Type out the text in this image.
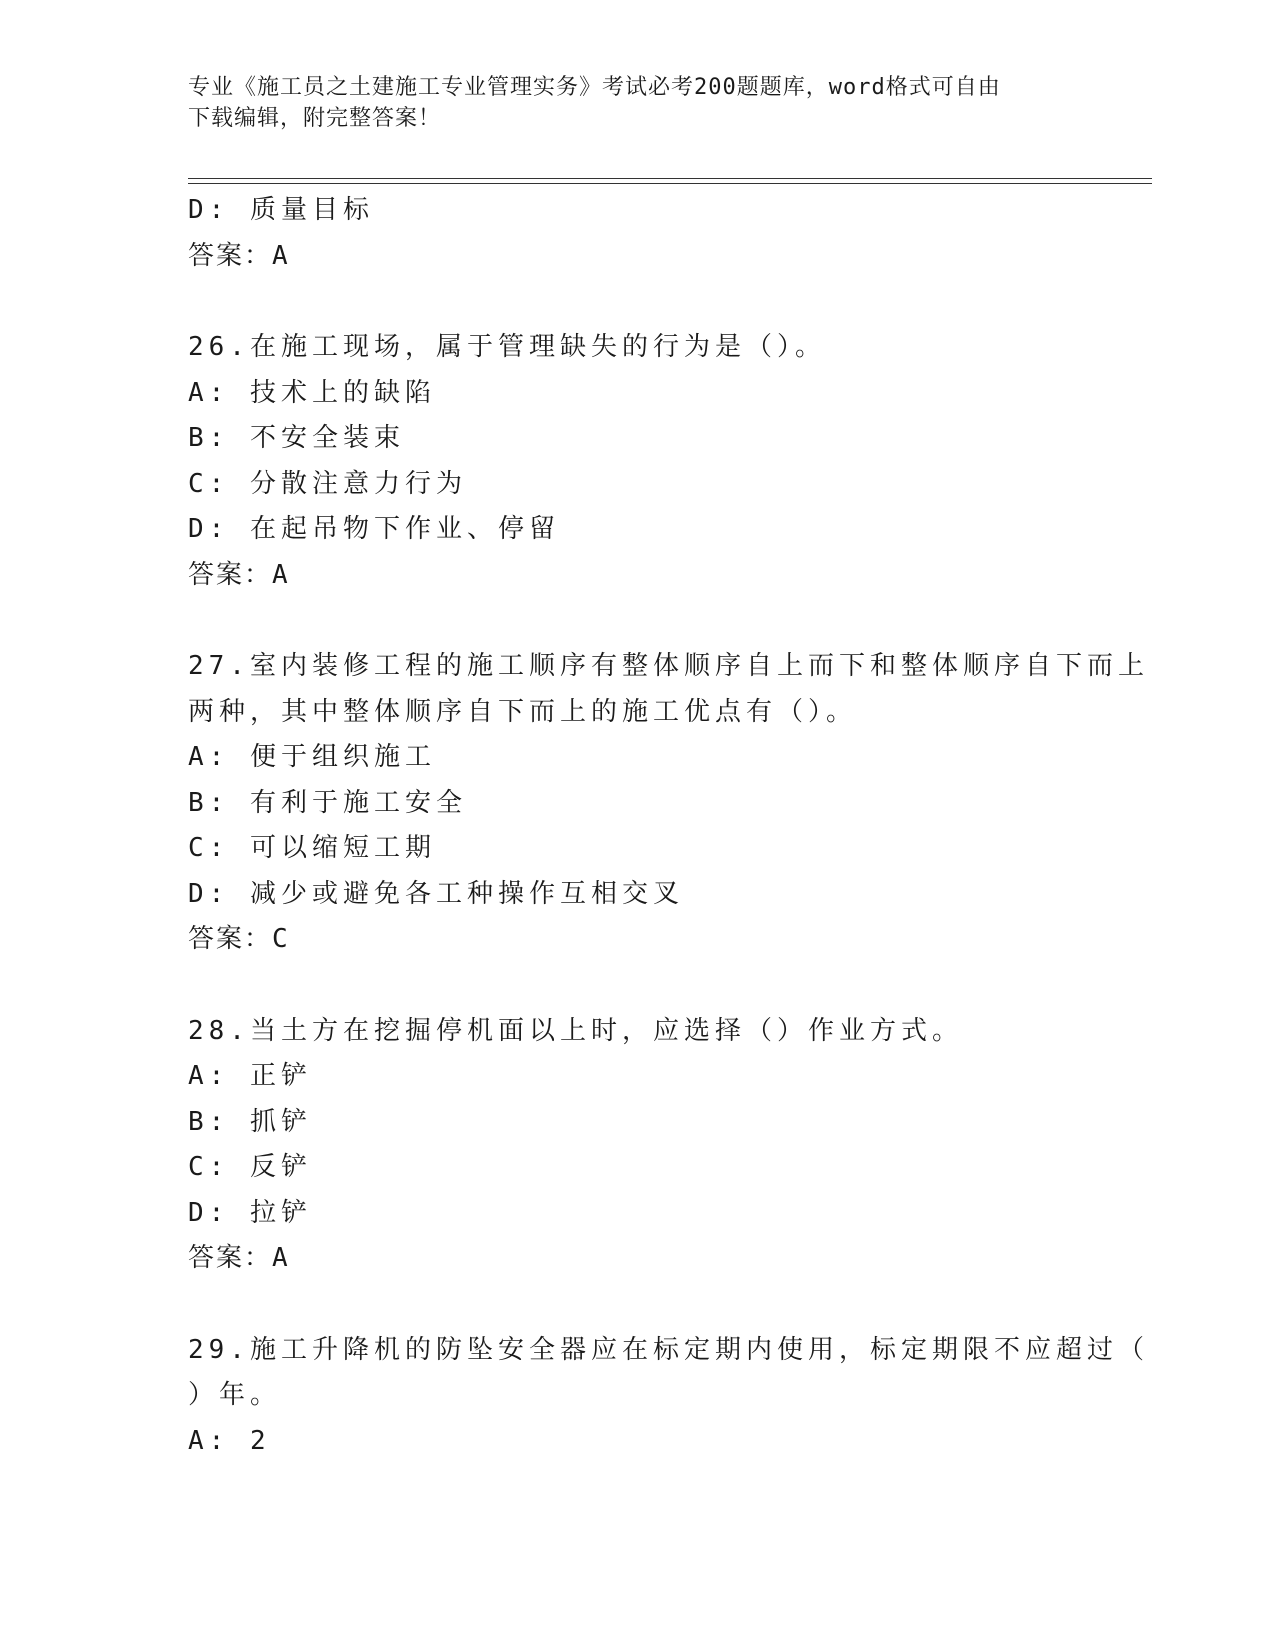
专业《施工员之土建施工专业管理实务》考试必考200题题库，word格式可自由
下载编辑，附完整答案！
D: 质量目标
答案：A
26.在施工现场，属于管理缺失的行为是（）。
A: 技术上的缺陷
B: 不安全装束
C: 分散注意力行为
D: 在起吊物下作业、停留
答案：A
27.室内装修工程的施工顺序有整体顺序自上而下和整体顺序自下而上
两种，其中整体顺序自下而上的施工优点有（）。
A: 便于组织施工
B: 有利于施工安全
C: 可以缩短工期
D: 减少或避免各工种操作互相交叉
答案：C
28.当土方在挖掘停机面以上时，应选择（）作业方式。
A: 正铲
B: 抓铲
C: 反铲
D: 拉铲
答案：A
29.施工升降机的防坠安全器应在标定期内使用，标定期限不应超过（
）年。
A: 2
